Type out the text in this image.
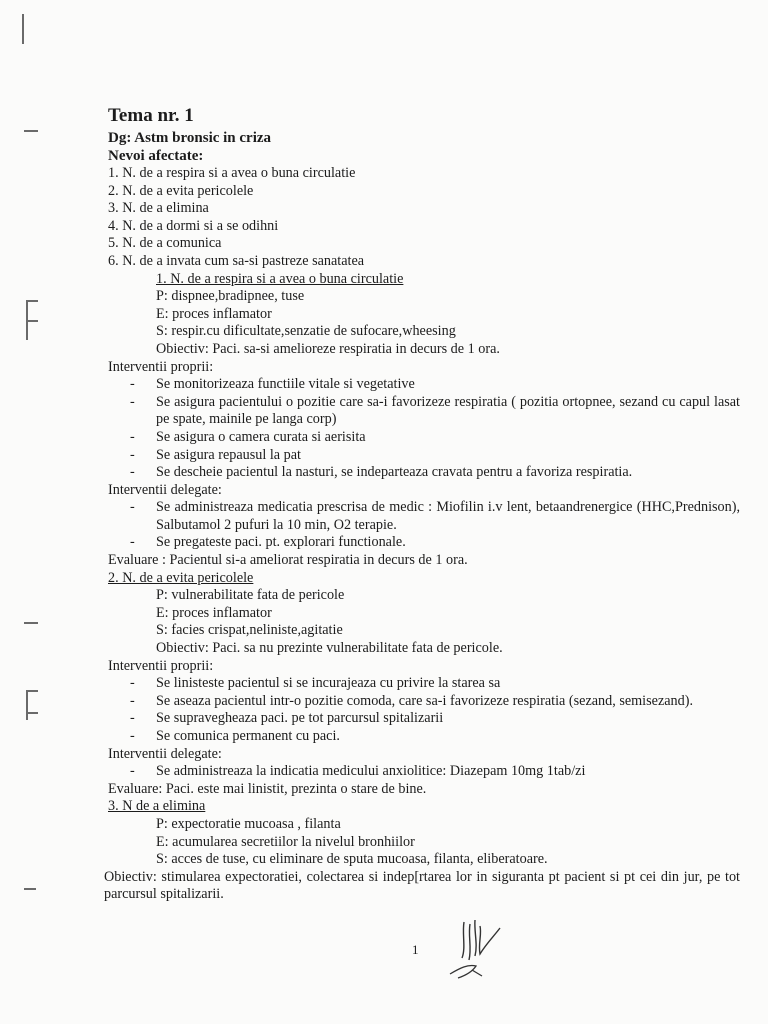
Tema nr. 1
Dg: Astm bronsic in criza
Nevoi afectate:
1. N. de a respira si a avea o buna circulatie
2. N. de a evita pericolele
3. N. de a elimina
4. N. de a dormi si a se odihni
5. N. de a comunica
6. N. de a invata cum sa-si pastreze sanatatea
1. N. de a respira si a avea o buna circulatie
P: dispnee,bradipnee, tuse
E: proces inflamator
S: respir.cu dificultate,senzatie de sufocare,wheesing
Obiectiv: Paci. sa-si amelioreze respiratia in decurs de 1 ora.
Interventii proprii:
-	Se monitorizeaza functiile vitale si vegetative
-	Se asigura pacientului o pozitie care sa-i favorizeze respiratia ( pozitia ortopnee, sezand cu capul lasat pe spate, mainile pe langa corp)
-	Se asigura o camera curata si aerisita
-	Se asigura repausul la pat
-	Se descheie pacientul la nasturi, se indeparteaza cravata pentru a favoriza respiratia.
Interventii delegate:
-	Se administreaza medicatia prescrisa de medic : Miofilin i.v lent, betaandrenergice (HHC,Prednison), Salbutamol 2 pufuri la 10 min, O2 terapie.
-	Se pregateste paci. pt. explorari functionale.
Evaluare : Pacientul si-a ameliorat respiratia in decurs de 1 ora.
2. N. de a evita pericolele
P: vulnerabilitate fata de pericole
E: proces inflamator
S: facies crispat,neliniste,agitatie
Obiectiv: Paci. sa nu prezinte vulnerabilitate fata de pericole.
Interventii proprii:
-	Se linisteste pacientul si se incurajeaza cu privire la starea sa
-	Se aseaza pacientul intr-o pozitie comoda, care sa-i favorizeze respiratia (sezand, semisezand).
-	Se supravegheaza paci. pe tot parcursul spitalizarii
-	Se comunica permanent cu paci.
Interventii delegate:
-	Se administreaza la indicatia medicului anxiolitice: Diazepam 10mg 1tab/zi
Evaluare: Paci. este mai linistit, prezinta o stare de bine.
3. N de a elimina
P: expectoratie mucoasa , filanta
E: acumularea secretiilor la nivelul bronhiilor
S: acces de tuse, cu eliminare de sputa mucoasa, filanta, eliberatoare.
Obiectiv: stimularea expectoratiei, colectarea si indep[rtarea lor in siguranta pt pacient si pt cei din jur, pe tot parcursul spitalizarii.
1
